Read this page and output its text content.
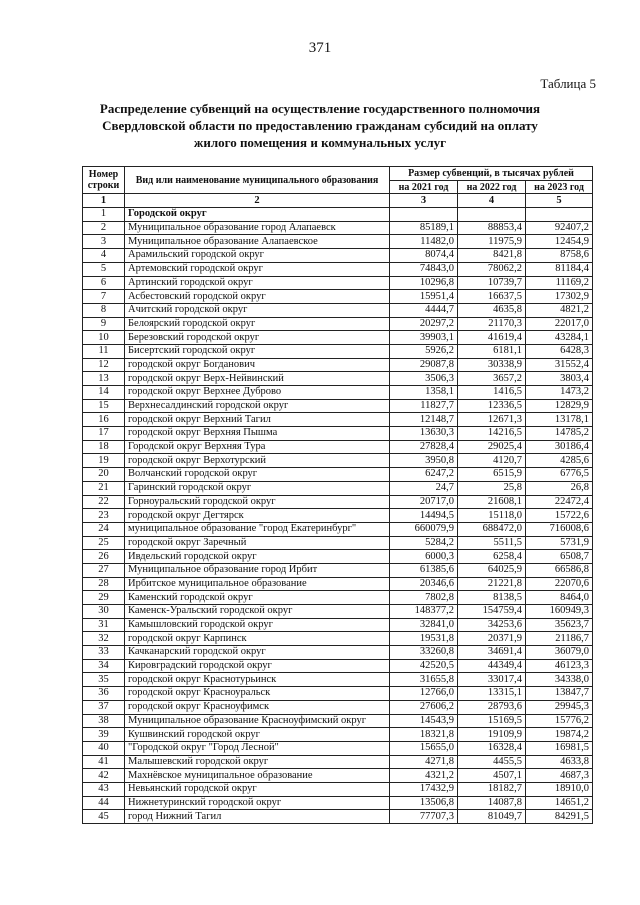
371
Таблица 5
Распределение субвенций на осуществление государственного полномочия
Свердловской области по предоставлению гражданам субсидий на оплату
жилого помещения и коммунальных услуг
Номер строки	Вид или наименование муниципального образования	Размер субвенций, в тысячах рублей		
		на 2021 год	на 2022 год	на 2023 год
1	2	3	4	5
1	Городской округ			
2	Муниципальное образование город Алапаевск	85189,1	88853,4	92407,2
3	Муниципальное образование Алапаевское	11482,0	11975,9	12454,9
4	Арамильский городской округ	8074,4	8421,8	8758,6
5	Артемовский городской округ	74843,0	78062,2	81184,4
6	Артинский городской округ	10296,8	10739,7	11169,2
7	Асбестовский городской округ	15951,4	16637,5	17302,9
8	Ачитский городской округ	4444,7	4635,8	4821,2
9	Белоярский городской округ	20297,2	21170,3	22017,0
10	Березовский городской округ	39903,1	41619,4	43284,1
11	Бисертский городской округ	5926,2	6181,1	6428,3
12	городской округ Богданович	29087,8	30338,9	31552,4
13	городской округ Верх-Нейвинский	3506,3	3657,2	3803,4
14	городской округ Верхнее Дуброво	1358,1	1416,5	1473,2
15	Верхнесалдинский городской округ	11827,7	12336,5	12829,9
16	городской округ Верхний Тагил	12148,7	12671,3	13178,1
17	городской округ Верхняя Пышма	13630,3	14216,5	14785,2
18	Городской округ Верхняя Тура	27828,4	29025,4	30186,4
19	городской округ Верхотурский	3950,8	4120,7	4285,6
20	Волчанский городской округ	6247,2	6515,9	6776,5
21	Гаринский городской округ	24,7	25,8	26,8
22	Горноуральский городской округ	20717,0	21608,1	22472,4
23	городской округ Дегтярск	14494,5	15118,0	15722,6
24	муниципальное образование "город Екатеринбург"	660079,9	688472,0	716008,6
25	городской округ Заречный	5284,2	5511,5	5731,9
26	Ивдельский городской округ	6000,3	6258,4	6508,7
27	Муниципальное образование город Ирбит	61385,6	64025,9	66586,8
28	Ирбитское муниципальное образование	20346,6	21221,8	22070,6
29	Каменский городской округ	7802,8	8138,5	8464,0
30	Каменск-Уральский городской округ	148377,2	154759,4	160949,3
31	Камышловский городской округ	32841,0	34253,6	35623,7
32	городской округ Карпинск	19531,8	20371,9	21186,7
33	Качканарский городской округ	33260,8	34691,4	36079,0
34	Кировградский городской округ	42520,5	44349,4	46123,3
35	городской округ Краснотурьинск	31655,8	33017,4	34338,0
36	городской округ Красноуральск	12766,0	13315,1	13847,7
37	городской округ Красноуфимск	27606,2	28793,6	29945,3
38	Муниципальное образование Красноуфимский округ	14543,9	15169,5	15776,2
39	Кушвинский городской округ	18321,8	19109,9	19874,2
40	"Городской округ "Город Лесной"	15655,0	16328,4	16981,5
41	Малышевский городской округ	4271,8	4455,5	4633,8
42	Махнёвское муниципальное образование	4321,2	4507,1	4687,3
43	Невьянский городской округ	17432,9	18182,7	18910,0
44	Нижнетуринский городской округ	13506,8	14087,8	14651,2
45	город Нижний Тагил	77707,3	81049,7	84291,5
